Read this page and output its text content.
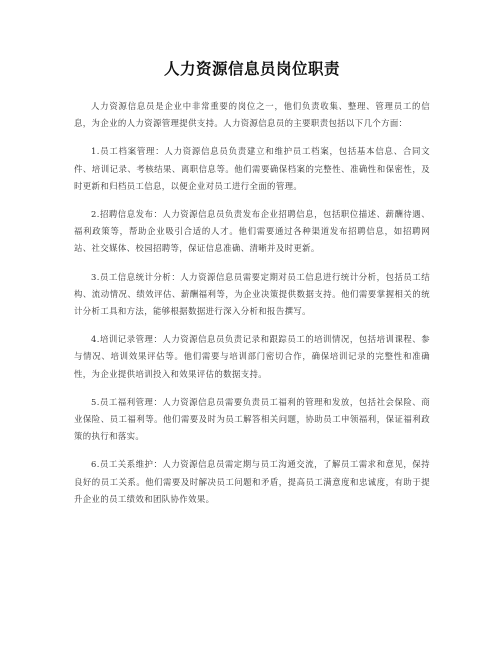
人力资源信息员岗位职责

人力资源信息员是企业中非常重要的岗位之一，他们负责收集、整理、管理员工的信息，为企业的人力资源管理提供支持。人力资源信息员的主要职责包括以下几个方面：

1.员工档案管理：人力资源信息员负责建立和维护员工档案，包括基本信息、合同文件、培训记录、考核结果、离职信息等。他们需要确保档案的完整性、准确性和保密性，及时更新和归档员工信息，以便企业对员工进行全面的管理。

2.招聘信息发布：人力资源信息员负责发布企业招聘信息，包括职位描述、薪酬待遇、福利政策等，帮助企业吸引合适的人才。他们需要通过各种渠道发布招聘信息，如招聘网站、社交媒体、校园招聘等，保证信息准确、清晰并及时更新。

3.员工信息统计分析：人力资源信息员需要定期对员工信息进行统计分析，包括员工结构、流动情况、绩效评估、薪酬福利等，为企业决策提供数据支持。他们需要掌握相关的统计分析工具和方法，能够根据数据进行深入分析和报告撰写。

4.培训记录管理：人力资源信息员负责记录和跟踪员工的培训情况，包括培训课程、参与情况、培训效果评估等。他们需要与培训部门密切合作，确保培训记录的完整性和准确性，为企业提供培训投入和效果评估的数据支持。

5.员工福利管理：人力资源信息员需要负责员工福利的管理和发放，包括社会保险、商业保险、员工福利等。他们需要及时为员工解答相关问题，协助员工申领福利，保证福利政策的执行和落实。

6.员工关系维护：人力资源信息员需定期与员工沟通交流，了解员工需求和意见，保持良好的员工关系。他们需要及时解决员工问题和矛盾，提高员工满意度和忠诚度，有助于提升企业的员工绩效和团队协作效果。
